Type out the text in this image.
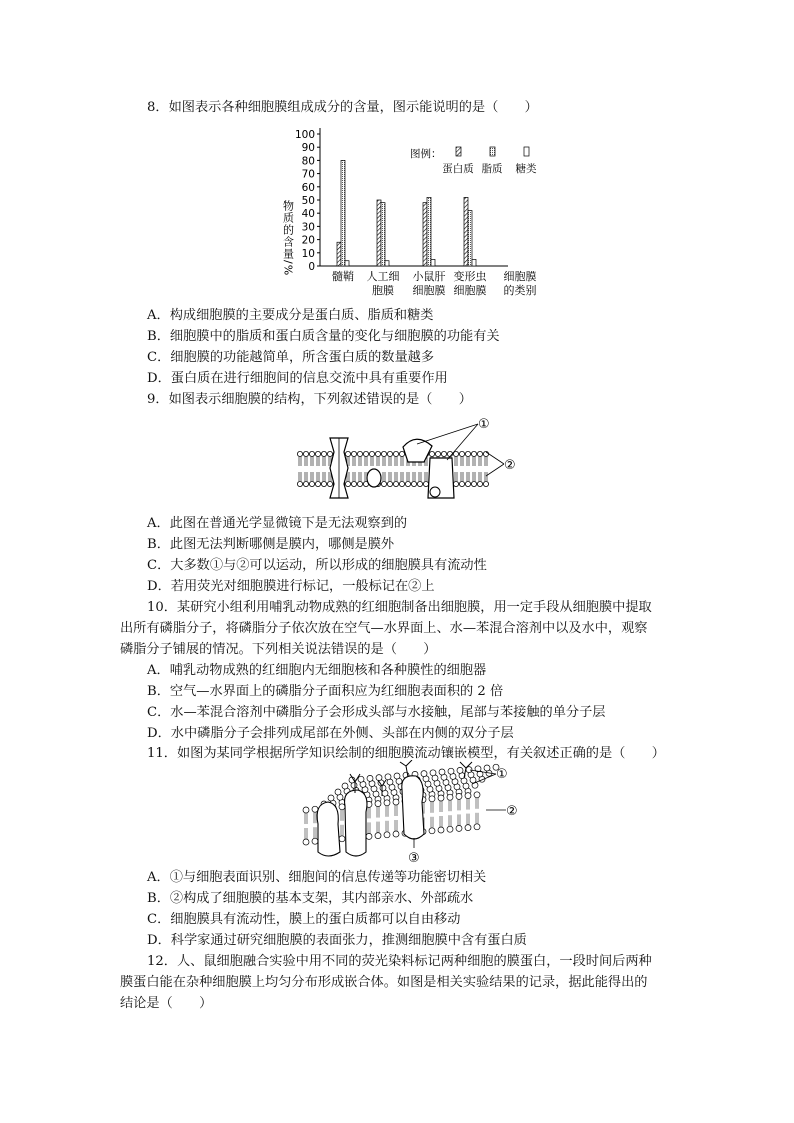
8．如图表示各种细胞膜组成成分的含量，图示能说明的是（　　）
物质的含量/% 0
10
20
30
40
50
60
70
80
90
100
髓鞘 人工细
胞膜
小鼠肝
细胞膜
变形虫
细胞膜
细胞膜
的类别
图例：
蛋白质 脂质 糖类
A．构成细胞膜的主要成分是蛋白质、脂质和糖类
B．细胞膜中的脂质和蛋白质含量的变化与细胞膜的功能有关
C．细胞膜的功能越简单，所含蛋白质的数量越多
D．蛋白质在进行细胞间的信息交流中具有重要作用
9．如图表示细胞膜的结构，下列叙述错误的是（　　）
①
②
A．此图在普通光学显微镜下是无法观察到的
B．此图无法判断哪侧是膜内，哪侧是膜外
C．大多数①与②可以运动，所以形成的细胞膜具有流动性
D．若用荧光对细胞膜进行标记，一般标记在②上
10．某研究小组利用哺乳动物成熟的红细胞制备出细胞膜，用一定手段从细胞膜中提取
出所有磷脂分子，将磷脂分子依次放在空气—水界面上、水—苯混合溶剂中以及水中，观察
磷脂分子铺展的情况。下列相关说法错误的是（　　）
A．哺乳动物成熟的红细胞内无细胞核和各种膜性的细胞器
B．空气—水界面上的磷脂分子面积应为红细胞表面积的 2 倍
C．水—苯混合溶剂中磷脂分子会形成头部与水接触，尾部与苯接触的单分子层
D．水中磷脂分子会排列成尾部在外侧、头部在内侧的双分子层
11．如图为某同学根据所学知识绘制的细胞膜流动镶嵌模型，有关叙述正确的是（　　）
①
②
③
A．①与细胞表面识别、细胞间的信息传递等功能密切相关
B．②构成了细胞膜的基本支架，其内部亲水、外部疏水
C．细胞膜具有流动性，膜上的蛋白质都可以自由移动
D．科学家通过研究细胞膜的表面张力，推测细胞膜中含有蛋白质
12．人、鼠细胞融合实验中用不同的荧光染料标记两种细胞的膜蛋白，一段时间后两种
膜蛋白能在杂种细胞膜上均匀分布形成嵌合体。如图是相关实验结果的记录，据此能得出的
结论是（　　）
